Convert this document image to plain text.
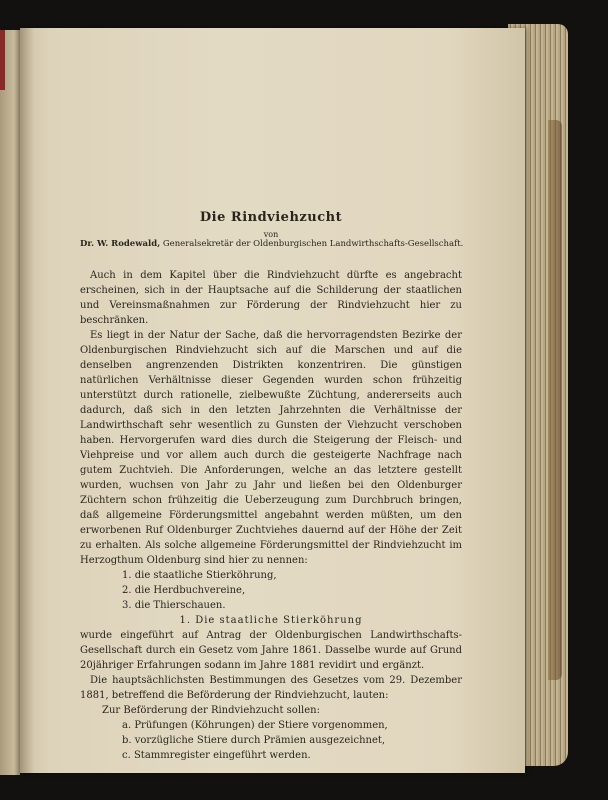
Die Rindviehzucht
von
Dr. W. Rodewald, Generalsekretär der Oldenburgischen Landwirthschafts-Gesellschaft.

Auch in dem Kapitel über die Rindviehzucht dürfte es angebracht erscheinen, sich in der Hauptsache auf die Schilderung der staatlichen und Vereinsmaßnahmen zur Förderung der Rindviehzucht hier zu beschränken.

Es liegt in der Natur der Sache, daß die hervorragendsten Bezirke der Oldenburgischen Rindviehzucht sich auf die Marschen und auf die denselben angrenzenden Distrikten konzentriren. Die günstigen natürlichen Verhältnisse dieser Gegenden wurden schon frühzeitig unterstützt durch rationelle, zielbewußte Züchtung, andererseits auch dadurch, daß sich in den letzten Jahrzehnten die Verhältnisse der Landwirthschaft sehr wesentlich zu Gunsten der Viehzucht verschoben haben. Hervorgerufen ward dies durch die Steigerung der Fleisch- und Viehpreise und vor allem auch durch die gesteigerte Nachfrage nach gutem Zuchtvieh. Die Anforderungen, welche an das letztere gestellt wurden, wuchsen von Jahr zu Jahr und ließen bei den Oldenburger Züchtern schon frühzeitig die Ueberzeugung zum Durchbruch bringen, daß allgemeine Förderungsmittel angebahnt werden müßten, um den erworbenen Ruf Oldenburger Zuchtviehes dauernd auf der Höhe der Zeit zu erhalten. Als solche allgemeine Förderungsmittel der Rindviehzucht im Herzogthum Oldenburg sind hier zu nennen:

1. die staatliche Stierköhrung,
2. die Herdbuchvereine,
3. die Thierschauen.
1. Die staatliche Stierköhrung

wurde eingeführt auf Antrag der Oldenburgischen Landwirthschafts-Gesellschaft durch ein Gesetz vom Jahre 1861. Dasselbe wurde auf Grund 20jähriger Erfahrungen sodann im Jahre 1881 revidirt und ergänzt.

Die hauptsächlichsten Bestimmungen des Gesetzes vom 29. Dezember 1881, betreffend die Beförderung der Rindviehzucht, lauten:

Zur Beförderung der Rindviehzucht sollen:
a. Prüfungen (Köhrungen) der Stiere vorgenommen,
b. vorzügliche Stiere durch Prämien ausgezeichnet,
c. Stammregister eingeführt werden.
